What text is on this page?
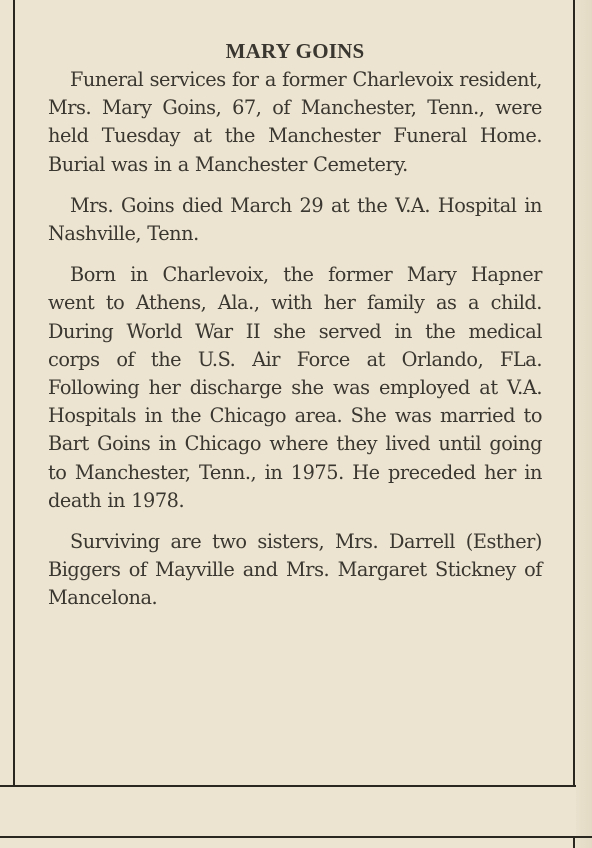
MARY GOINS

Funeral services for a former Charlevoix resident, Mrs. Mary Goins, 67, of Manchester, Tenn., were held Tuesday at the Manchester Funeral Home. Burial was in a Manchester Cemetery.

Mrs. Goins died March 29 at the V.A. Hospital in Nashville, Tenn.

Born in Charlevoix, the former Mary Hapner went to Athens, Ala., with her family as a child. During World War II she served in the medical corps of the U.S. Air Force at Orlando, FLa. Following her discharge she was employed at V.A. Hospitals in the Chicago area. She was married to Bart Goins in Chicago where they lived until going to Manchester, Tenn., in 1975. He preceded her in death in 1978.

Surviving are two sisters, Mrs. Darrell (Esther) Biggers of Mayville and Mrs. Margaret Stickney of Mancelona.
